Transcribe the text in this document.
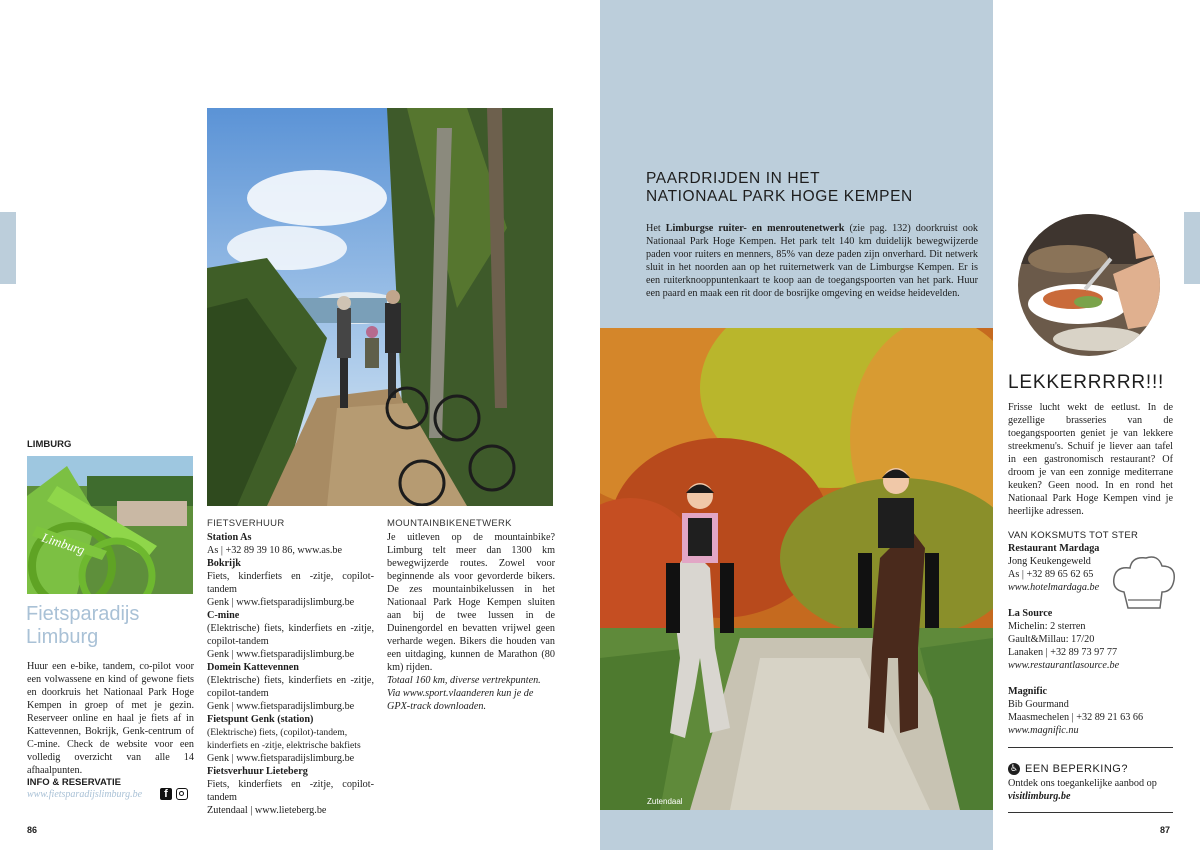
LIMBURG
Limburg
Fietsparadijs
Limburg
Huur een e-bike, tandem, co-pilot voor een volwassene en kind of gewone fiets en doorkruis het Nationaal Park Hoge Kempen in groep of met je gezin. Reserveer online en haal je fiets af in Kattevennen, Bokrijk, Genk-centrum of C-mine. Check de website voor een volledig overzicht van alle 14 afhaalpunten.
INFO & RESERVATIE
www.fietsparadijslimburg.be	f
86
FIETSVERHUUR
Station As
As | +32 89 39 10 86, www.as.be
Bokrijk
Fiets, kinderfiets en -zitje, copilot-tandem
Genk | www.fietsparadijslimburg.be
C-mine
(Elektrische) fiets, kinderfiets en -zitje, copilot-tandem
Genk | www.fietsparadijslimburg.be
Domein Kattevennen
(Elektrische) fiets, kinderfiets en -zitje, copilot-tandem
Genk | www.fietsparadijslimburg.be
Fietspunt Genk (station)
(Elektrische) fiets, (copilot)-tandem, kinderfiets en -zitje, elektrische bakfiets
Genk | www.fietsparadijslimburg.be
Fietsverhuur Lieteberg
Fiets, kinderfiets en -zitje, copilot-tandem
Zutendaal | www.lieteberg.be
MOUNTAINBIKENETWERK
Je uitleven op de mountainbike? Limburg telt meer dan 1300 km bewegwijzerde routes. Zowel voor beginnende als voor gevorderde bikers. De zes mountainbikelussen in het Nationaal Park Hoge Kempen sluiten aan bij de twee lussen in de Duinengordel en bevatten vrijwel geen verharde wegen. Bikers die houden van een uitdaging, kunnen de Marathon (80 km) rijden.
Totaal 160 km, diverse vertrekpunten.
Via www.sport.vlaanderen kun je de GPX-track downloaden.
PAARDRIJDEN IN HET
NATIONAAL PARK HOGE KEMPEN
Het Limburgse ruiter- en menroutenetwerk (zie pag. 132) doorkruist ook Nationaal Park Hoge Kempen. Het park telt 140 km duidelijk bewegwijzerde paden voor ruiters en menners, 85% van deze paden zijn onverhard. Dit netwerk sluit in het noorden aan op het ruiternetwerk van de Limburgse Kempen. Er is een ruiterknooppuntenkaart te koop aan de toegangspoorten van het park. Huur een paard en maak een rit door de bosrijke omgeving en weidse heidevelden.
Zutendaal
LEKKERRRRR!!!
Frisse lucht wekt de eetlust. In de gezellige brasseries van de toegangspoorten geniet je van lekkere streekmenu's. Schuif je liever aan tafel in een gastronomisch restaurant? Of droom je van een zonnige mediterrane keuken? Geen nood. In en rond het Nationaal Park Hoge Kempen vind je heerlijke adressen.
VAN KOKSMUTS TOT STER
Restaurant Mardaga
Jong Keukengeweld
As | +32 89 65 62 65
www.hotelmardaga.be
La Source
Michelin: 2 sterren
Gault&Millau: 17/20
Lanaken | +32 89 73 97 77
www.restaurantlasource.be
Magnific
Bib Gourmand
Maasmechelen | +32 89 21 63 66
www.magnific.nu
♿ EEN BEPERKING?
Ontdek ons toegankelijke aanbod op
visitlimburg.be
87
